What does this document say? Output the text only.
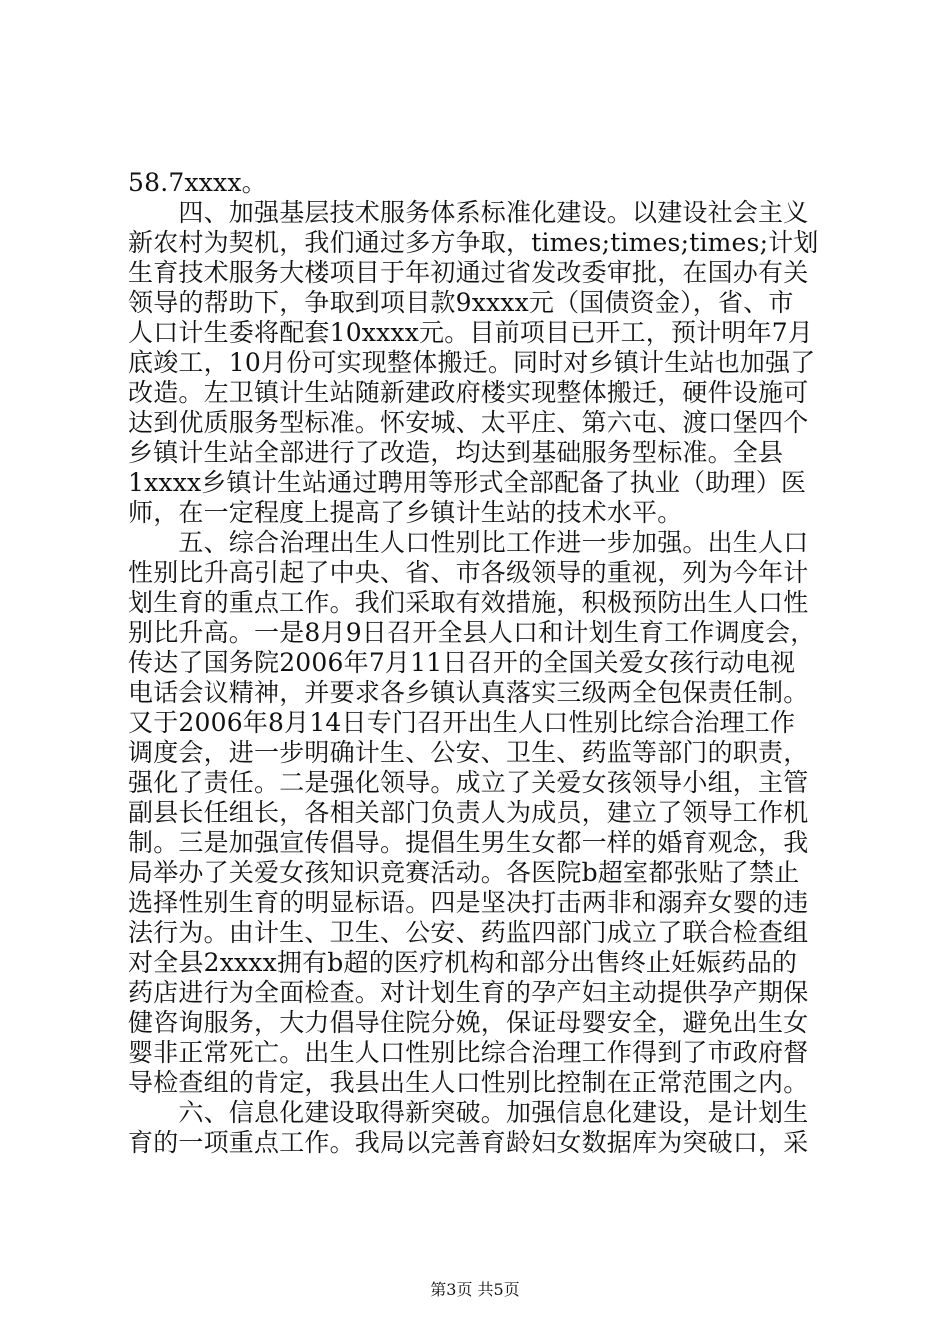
58.7xxxx。
　　四、加强基层技术服务体系标准化建设。以建设社会主义
新农村为契机，我们通过多方争取，times;times;times;计划
生育技术服务大楼项目于年初通过省发改委审批，在国办有关
领导的帮助下，争取到项目款9xxxx元（国债资金），省、市
人口计生委将配套10xxxx元。目前项目已开工，预计明年7月
底竣工，10月份可实现整体搬迁。同时对乡镇计生站也加强了
改造。左卫镇计生站随新建政府楼实现整体搬迁，硬件设施可
达到优质服务型标准。怀安城、太平庄、第六屯、渡口堡四个
乡镇计生站全部进行了改造，均达到基础服务型标准。全县
1xxxx乡镇计生站通过聘用等形式全部配备了执业（助理）医
师，在一定程度上提高了乡镇计生站的技术水平。
　　五、综合治理出生人口性别比工作进一步加强。出生人口
性别比升高引起了中央、省、市各级领导的重视，列为今年计
划生育的重点工作。我们采取有效措施，积极预防出生人口性
别比升高。一是8月9日召开全县人口和计划生育工作调度会，
传达了国务院2006年7月11日召开的全国关爱女孩行动电视
电话会议精神，并要求各乡镇认真落实三级两全包保责任制。
又于2006年8月14日专门召开出生人口性别比综合治理工作
调度会，进一步明确计生、公安、卫生、药监等部门的职责，
强化了责任。二是强化领导。成立了关爱女孩领导小组，主管
副县长任组长，各相关部门负责人为成员，建立了领导工作机
制。三是加强宣传倡导。提倡生男生女都一样的婚育观念，我
局举办了关爱女孩知识竞赛活动。各医院b超室都张贴了禁止
选择性别生育的明显标语。四是坚决打击两非和溺弃女婴的违
法行为。由计生、卫生、公安、药监四部门成立了联合检查组
对全县2xxxx拥有b超的医疗机构和部分出售终止妊娠药品的
药店进行为全面检查。对计划生育的孕产妇主动提供孕产期保
健咨询服务，大力倡导住院分娩，保证母婴安全，避免出生女
婴非正常死亡。出生人口性别比综合治理工作得到了市政府督
导检查组的肯定，我县出生人口性别比控制在正常范围之内。
　　六、信息化建设取得新突破。加强信息化建设，是计划生
育的一项重点工作。我局以完善育龄妇女数据库为突破口，采
第3页 共5页
